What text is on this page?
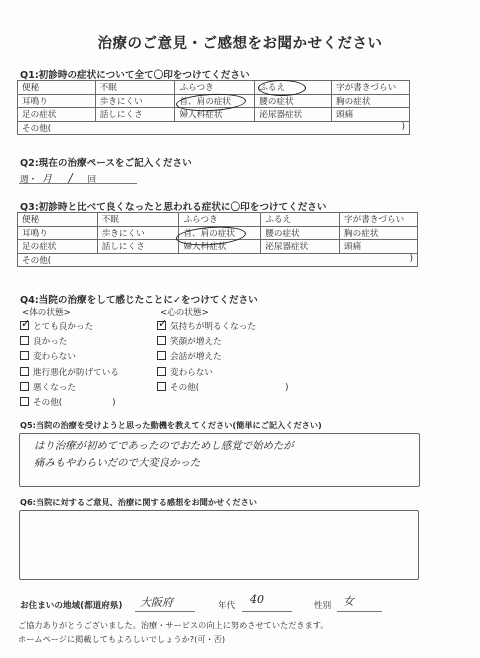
治療のご意見・ご感想をお聞かせください
Q1:初診時の症状について全て〇印をつけてください
便秘	不眠	ふらつき	ふるえ	字が書きづらい
耳鳴り	歩きにくい	首、肩の症状	腰の症状	胸の症状
足の症状	話しにくさ	婦人科症状	泌尿器症状	頭痛
その他( )				
Q2:現在の治療ペースをご記入ください
週・ 月 / 回
Q3:初診時と比べて良くなったと思われる症状に〇印をつけてください
便秘	不眠	ふらつき	ふるえ	字が書きづらい
耳鳴り	歩きにくい	首、肩の症状	腰の症状	胸の症状
足の症状	話しにくさ	婦人科症状	泌尿器症状	頭痛
その他( )				
Q4:当院の治療をして感じたことに✓をつけてください
<体の状態>	<心の状態>
✓とても良かった
良かった
変わらない
進行悪化が防げている
悪くなった
その他(	)
✓気持ちが明るくなった
笑顔が増えた
会話が増えた
変わらない
その他(	)
Q5:当院の治療を受けようと思った動機を教えてください(簡単にご記入ください)
はり治療が初めてであったのでおためし感覚で始めたが
痛みもやわらいだので大変良かった
Q6:当院に対するご意見、治療に関する感想をお聞かせください
お住まいの地域(都道府県) 大阪府	年代 40	性別 女
ご協力ありがとうございました。治療・サービスの向上に努めさせていただきます。
ホームページに掲載してもよろしいでしょうか?(可・否)
